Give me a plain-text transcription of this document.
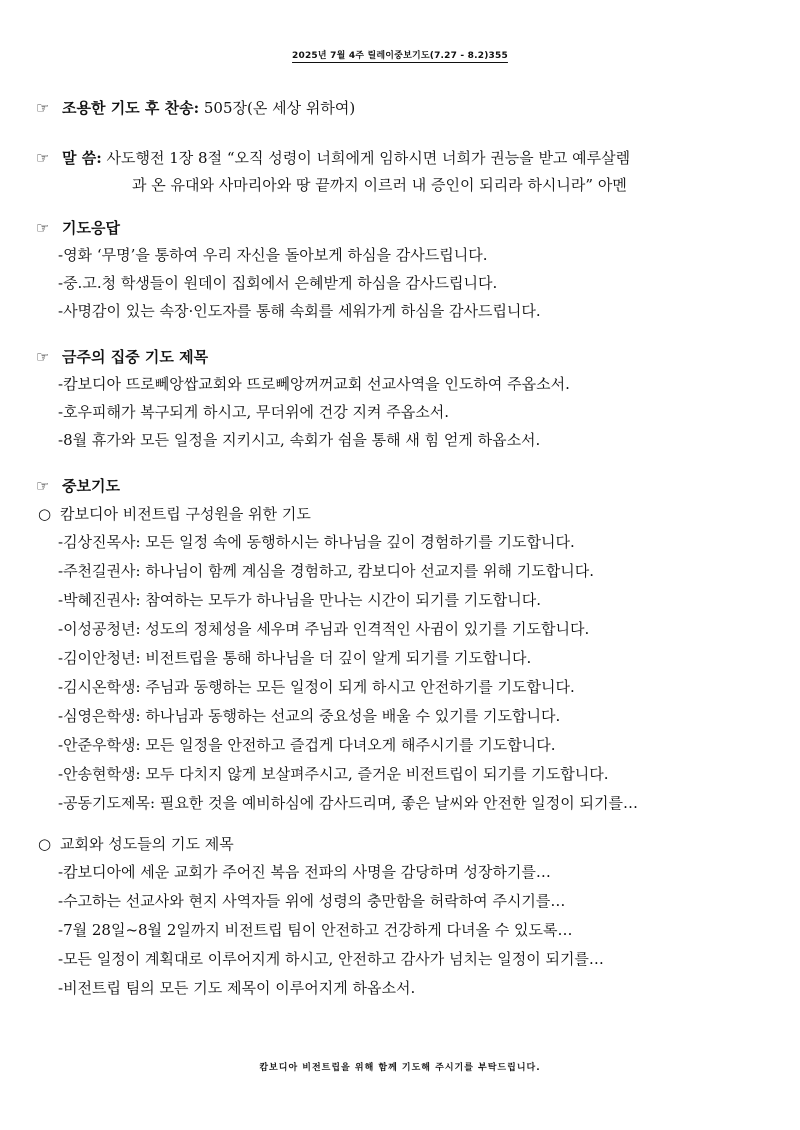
2025년 7월 4주 릴레이중보기도(7.27 - 8.2)355
☞ 조용한 기도 후 찬송: 505장(온 세상 위하여)
☞ 말 씀: 사도행전 1장 8절 “오직 성령이 너희에게 임하시면 너희가 권능을 받고 예루살렘
과 온 유대와 사마리아와 땅 끝까지 이르러 내 증인이 되리라 하시니라” 아멘
☞ 기도응답
-영화 ‘무명’을 통하여 우리 자신을 돌아보게 하심을 감사드립니다.
-중.고.청 학생들이 원데이 집회에서 은혜받게 하심을 감사드립니다.
-사명감이 있는 속장·인도자를 통해 속회를 세워가게 하심을 감사드립니다.
☞ 금주의 집중 기도 제목
-캄보디아 뜨로뻬앙쌉교회와 뜨로뻬앙꺼꺼교회 선교사역을 인도하여 주옵소서.
-호우피해가 복구되게 하시고, 무더위에 건강 지켜 주옵소서.
-8월 휴가와 모든 일정을 지키시고, 속회가 쉼을 통해 새 힘 얻게 하옵소서.
☞ 중보기도
○ 캄보디아 비전트립 구성원을 위한 기도
-김상진목사: 모든 일정 속에 동행하시는 하나님을 깊이 경험하기를 기도합니다.
-주천길권사: 하나님이 함께 계심을 경험하고, 캄보디아 선교지를 위해 기도합니다.
-박혜진권사: 참여하는 모두가 하나님을 만나는 시간이 되기를 기도합니다.
-이성공청년: 성도의 정체성을 세우며 주님과 인격적인 사귐이 있기를 기도합니다.
-김이안청년: 비전트립을 통해 하나님을 더 깊이 알게 되기를 기도합니다.
-김시온학생: 주님과 동행하는 모든 일정이 되게 하시고 안전하기를 기도합니다.
-심영은학생: 하나님과 동행하는 선교의 중요성을 배울 수 있기를 기도합니다.
-안준우학생: 모든 일정을 안전하고 즐겁게 다녀오게 해주시기를 기도합니다.
-안송현학생: 모두 다치지 않게 보살펴주시고, 즐거운 비전트립이 되기를 기도합니다.
-공동기도제목: 필요한 것을 예비하심에 감사드리며, 좋은 날씨와 안전한 일정이 되기를…
○ 교회와 성도들의 기도 제목
-캄보디아에 세운 교회가 주어진 복음 전파의 사명을 감당하며 성장하기를…
-수고하는 선교사와 현지 사역자들 위에 성령의 충만함을 허락하여 주시기를…
-7월 28일~8월 2일까지 비전트립 팀이 안전하고 건강하게 다녀올 수 있도록…
-모든 일정이 계획대로 이루어지게 하시고, 안전하고 감사가 넘치는 일정이 되기를…
-비전트립 팀의 모든 기도 제목이 이루어지게 하옵소서.
캄보디아 비전트립을 위해 함께 기도해 주시기를 부탁드립니다.
